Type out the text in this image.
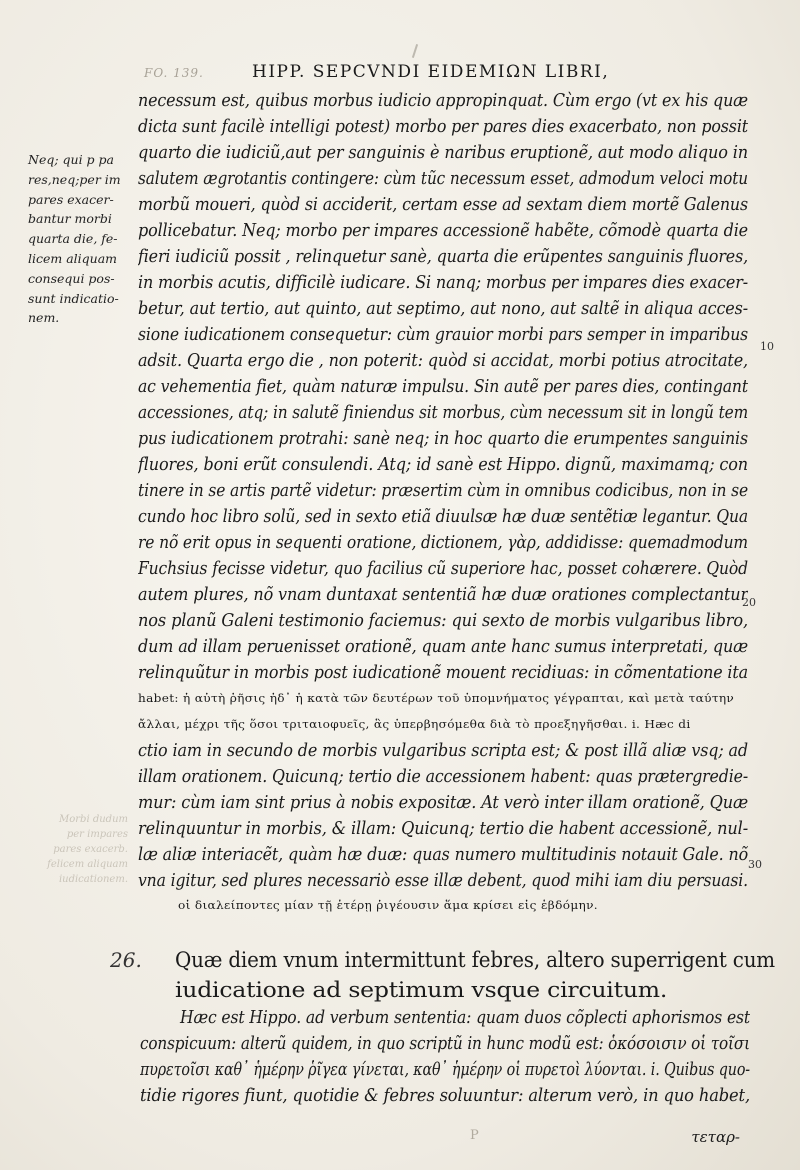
Morbi dudum
per impares
pares exacerb.
felicem aliquam
iudicationem.
FO. 139.	HIPP. SEPCVNDI EIDEMIΩN LIBRI,
Neq; qui p pa
res,neq;per im
pares exacer-
bantur morbi
quarta die, fe-
licem aliquam
consequi pos-
sunt indicatio-
nem.
necessum est, quibus morbus iudicio appropinquat. Cùm ergo (vt ex his quæ
dicta sunt facilè intelligi potest) morbo per pares dies exacerbato, non possit
quarto die iudiciũ,aut per sanguinis è naribus eruptionẽ, aut modo aliquo in
salutem ægrotantis contingere: cùm tũc necessum esset, admodum veloci motu
morbũ moueri, quòd si acciderit, certam esse ad sextam diem mortẽ Galenus
pollicebatur. Neq; morbo per impares accessionẽ habẽte, cõmodè quarta die
fieri iudiciũ possit , relinquetur sanè, quarta die erũpentes sanguinis fluores,
in morbis acutis, difficilè iudicare. Si nanq; morbus per impares dies exacer-
betur, aut tertio, aut quinto, aut septimo, aut nono, aut saltẽ in aliqua acces-
sione iudicationem consequetur: cùm grauior morbi pars semper in imparibus
adsit. Quarta ergo die , non poterit: quòd si accidat, morbi potius atrocitate,
ac vehementia fiet, quàm naturæ impulsu. Sin autẽ per pares dies, contingant
accessiones, atq; in salutẽ finiendus sit morbus, cùm necessum sit in longũ tem
pus iudicationem protrahi: sanè neq; in hoc quarto die erumpentes sanguinis
fluores, boni erũt consulendi. Atq; id sanè est Hippo. dignũ, maximamq; con
tinere in se artis partẽ videtur: præsertim cùm in omnibus codicibus, non in se
cundo hoc libro solũ, sed in sexto etiã diuulsæ hæ duæ sentẽtiæ legantur. Qua
re nõ erit opus in sequenti oratione, dictionem, γὰρ, addidisse: quemadmodum
Fuchsius fecisse videtur, quo facilius cũ superiore hac, posset cohærere. Quòd
autem plures, nõ vnam duntaxat sententiã hæ duæ orationes complectantur
nos planũ Galeni testimonio faciemus: qui sexto de morbis vulgaribus libro,
dum ad illam peruenisset orationẽ, quam ante hanc sumus interpretati, quæ
relinquũtur in morbis post iudicationẽ mouent recidiuas: in cõmentatione ita
habet: ἡ αὐτὴ ῥῆσις ἡδ᾽ ἡ κατὰ τῶν δευτέρων τοῦ ὑπομνήματος γέγραπται, καὶ μετὰ ταύτην
ἄλλαι, μέχρι τῆς ὅσοι τριταιοφυεῖς, ἃς ὑπερβησόμεθα διὰ τὸ προεξηγῆσθαι. i. Hæc di
ctio iam in secundo de morbis vulgaribus scripta est; & post illã aliæ vsq; ad
illam orationem. Quicunq; tertio die accessionem habent: quas prætergredie-
mur: cùm iam sint prius à nobis expositæ. At verò inter illam orationẽ, Quæ
relinquuntur in morbis, & illam: Quicunq; tertio die habent accessionẽ, nul-
læ aliæ interiacẽt, quàm hæ duæ: quas numero multitudinis notauit Gale. nõ
vna igitur, sed plures necessariò esse illæ debent, quod mihi iam diu persuasi.
οἱ διαλείποντες μίαν τῇ ἑτέρῃ ῥιγέουσιν ἅμα κρίσει εἰς ἑβδόμην.
10
20
30
26. Quæ diem vnum intermittunt febres, altero superrigent cum
iudicatione ad septimum vsque circuitum.
Hæc est Hippo. ad verbum sententia: quam duos cõplecti aphorismos est
conspicuum: alterũ quidem, in quo scriptũ in hunc modũ est: ὁκόσοισιν οἱ τοῖσι
πυρετοῖσι καθ᾽ ἡμέρην ῥῖγεα γίνεται, καθ᾽ ἡμέρην οἱ πυρετοὶ λύονται. i. Quibus quo-
tidie rigores fiunt, quotidie & febres soluuntur: alterum verò, in quo habet,
P	τεταρ-
